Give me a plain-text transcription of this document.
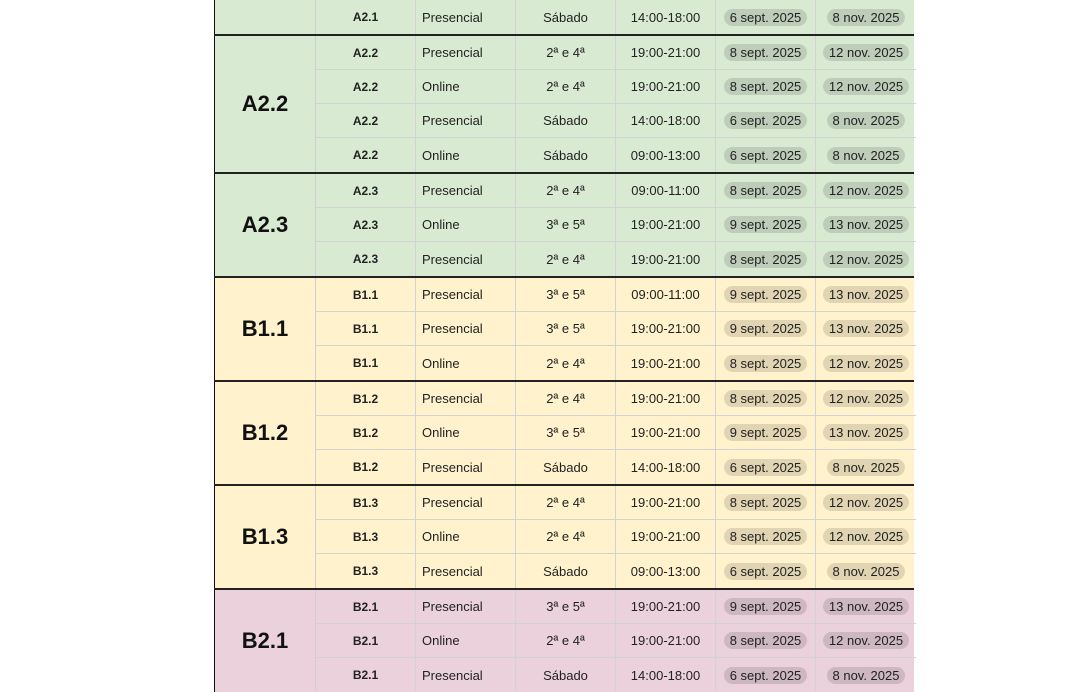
A2.1	Presencial	Sábado	14:00-18:00	6 sept. 2025	8 nov. 2025
A2.2
A2.2	Presencial	2ª e 4ª	19:00-21:00	8 sept. 2025	12 nov. 2025
A2.2	Online	2ª e 4ª	19:00-21:00	8 sept. 2025	12 nov. 2025
A2.2	Presencial	Sábado	14:00-18:00	6 sept. 2025	8 nov. 2025
A2.2	Online	Sábado	09:00-13:00	6 sept. 2025	8 nov. 2025
A2.3
A2.3	Presencial	2ª e 4ª	09:00-11:00	8 sept. 2025	12 nov. 2025
A2.3	Online	3ª e 5ª	19:00-21:00	9 sept. 2025	13 nov. 2025
A2.3	Presencial	2ª e 4ª	19:00-21:00	8 sept. 2025	12 nov. 2025
B1.1
B1.1	Presencial	3ª e 5ª	09:00-11:00	9 sept. 2025	13 nov. 2025
B1.1	Presencial	3ª e 5ª	19:00-21:00	9 sept. 2025	13 nov. 2025
B1.1	Online	2ª e 4ª	19:00-21:00	8 sept. 2025	12 nov. 2025
B1.2
B1.2	Presencial	2ª e 4ª	19:00-21:00	8 sept. 2025	12 nov. 2025
B1.2	Online	3ª e 5ª	19:00-21:00	9 sept. 2025	13 nov. 2025
B1.2	Presencial	Sábado	14:00-18:00	6 sept. 2025	8 nov. 2025
B1.3
B1.3	Presencial	2ª e 4ª	19:00-21:00	8 sept. 2025	12 nov. 2025
B1.3	Online	2ª e 4ª	19:00-21:00	8 sept. 2025	12 nov. 2025
B1.3	Presencial	Sábado	09:00-13:00	6 sept. 2025	8 nov. 2025
B2.1
B2.1	Presencial	3ª e 5ª	19:00-21:00	9 sept. 2025	13 nov. 2025
B2.1	Online	2ª e 4ª	19:00-21:00	8 sept. 2025	12 nov. 2025
B2.1	Presencial	Sábado	14:00-18:00	6 sept. 2025	8 nov. 2025
